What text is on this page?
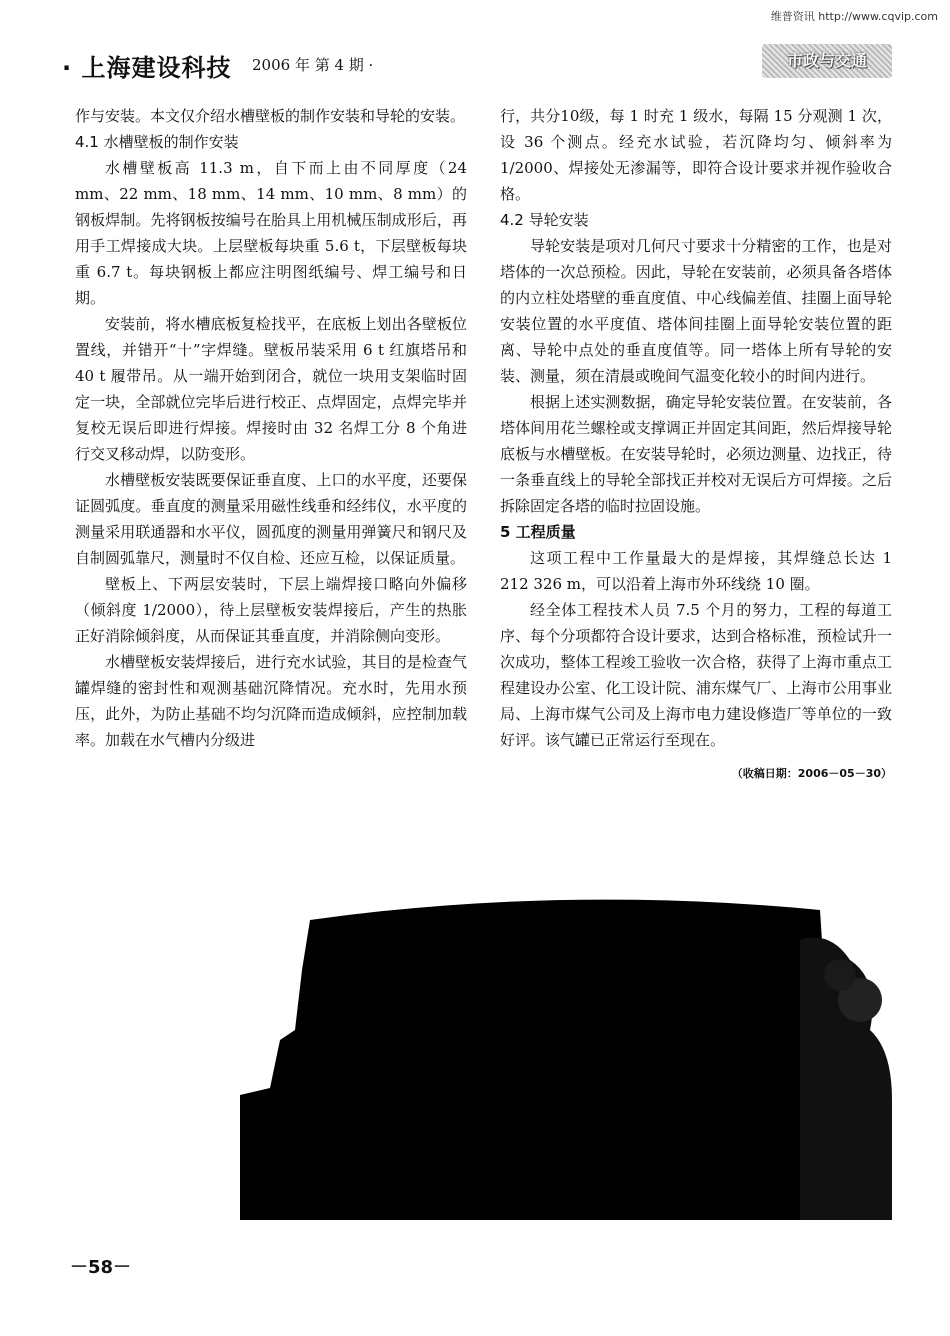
维普资讯 http://www.cqvip.com
· 上海建设科技 2006 年 第 4 期 ·	市政与交通

作与安装。本文仅介绍水槽壁板的制作安装和导轮的安装。

4.1 水槽壁板的制作安装

水槽壁板高 11.3 m，自下而上由不同厚度（24 mm、22 mm、18 mm、14 mm、10 mm、8 mm）的钢板焊制。先将钢板按编号在胎具上用机械压制成形后，再用手工焊接成大块。上层壁板每块重 5.6 t，下层壁板每块重 6.7 t。每块钢板上都应注明图纸编号、焊工编号和日期。

安装前，将水槽底板复检找平，在底板上划出各壁板位置线，并错开“十”字焊缝。壁板吊装采用 6 t 红旗塔吊和 40 t 履带吊。从一端开始到闭合，就位一块用支架临时固定一块，全部就位完毕后进行校正、点焊固定，点焊完毕并复校无误后即进行焊接。焊接时由 32 名焊工分 8 个角进行交叉移动焊，以防变形。

水槽壁板安装既要保证垂直度、上口的水平度，还要保证圆弧度。垂直度的测量采用磁性线垂和经纬仪，水平度的测量采用联通器和水平仪，圆孤度的测量用弹簧尺和钢尺及自制圆弧靠尺，测量时不仅自检、还应互检，以保证质量。

壁板上、下两层安装时，下层上端焊接口略向外偏移（倾斜度 1/2000），待上层壁板安装焊接后，产生的热胀正好消除倾斜度，从而保证其垂直度，并消除侧向变形。

水槽壁板安装焊接后，进行充水试验，其目的是检查气罐焊缝的密封性和观测基础沉降情况。充水时，先用水预压，此外，为防止基础不均匀沉降而造成倾斜，应控制加载率。加载在水气槽内分级进

行，共分10级，每 1 时充 1 级水，每隔 15 分观测 1 次，设 36 个测点。经充水试验，若沉降均匀、倾斜率为 1/2000、焊接处无渗漏等，即符合设计要求并视作验收合格。

4.2 导轮安装

导轮安装是项对几何尺寸要求十分精密的工作，也是对塔体的一次总预检。因此，导轮在安装前，必须具备各塔体的内立柱处塔壁的垂直度值、中心线偏差值、挂圈上面导轮安装位置的水平度值、塔体间挂圈上面导轮安装位置的距离、导轮中点处的垂直度值等。同一塔体上所有导轮的安装、测量，须在清晨或晚间气温变化较小的时间内进行。

根据上述实测数据，确定导轮安装位置。在安装前，各塔体间用花兰螺栓或支撑调正并固定其间距，然后焊接导轮底板与水槽壁板。在安装导轮时，必须边测量、边找正，待一条垂直线上的导轮全部找正并校对无误后方可焊接。之后拆除固定各塔的临时拉固设施。

5 工程质量

这项工程中工作量最大的是焊接，其焊缝总长达 1 212 326 m，可以沿着上海市外环线绕 10 圈。

经全体工程技术人员 7.5 个月的努力，工程的每道工序、每个分项都符合设计要求，达到合格标准，预检试升一次成功，整体工程竣工验收一次合格，获得了上海市重点工程建设办公室、化工设计院、浦东煤气厂、上海市公用事业局、上海市煤气公司及上海市电力建设修造厂等单位的一致好评。该气罐已正常运行至现在。

（收稿日期：2006－05－30）
－58－
